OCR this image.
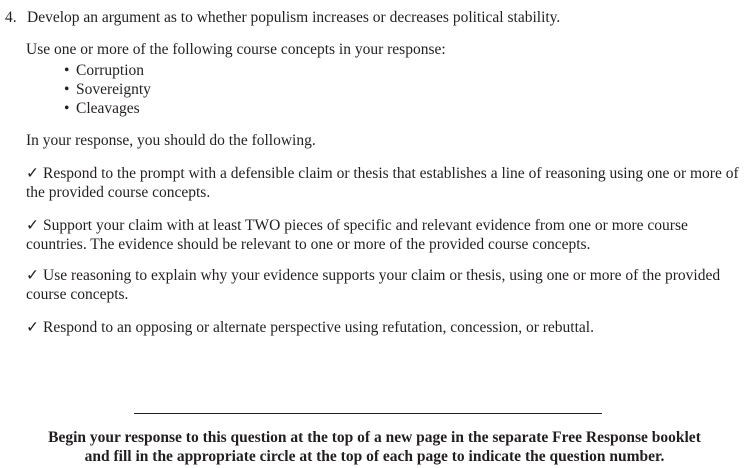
4. Develop an argument as to whether populism increases or decreases political stability.
Use one or more of the following course concepts in your response:
• Corruption
• Sovereignty
• Cleavages
In your response, you should do the following.
✓ Respond to the prompt with a defensible claim or thesis that establishes a line of reasoning using one or more of the provided course concepts.
✓ Support your claim with at least TWO pieces of specific and relevant evidence from one or more course countries. The evidence should be relevant to one or more of the provided course concepts.
✓ Use reasoning to explain why your evidence supports your claim or thesis, using one or more of the provided course concepts.
✓ Respond to an opposing or alternate perspective using refutation, concession, or rebuttal.
Begin your response to this question at the top of a new page in the separate Free Response booklet
and fill in the appropriate circle at the top of each page to indicate the question number.
